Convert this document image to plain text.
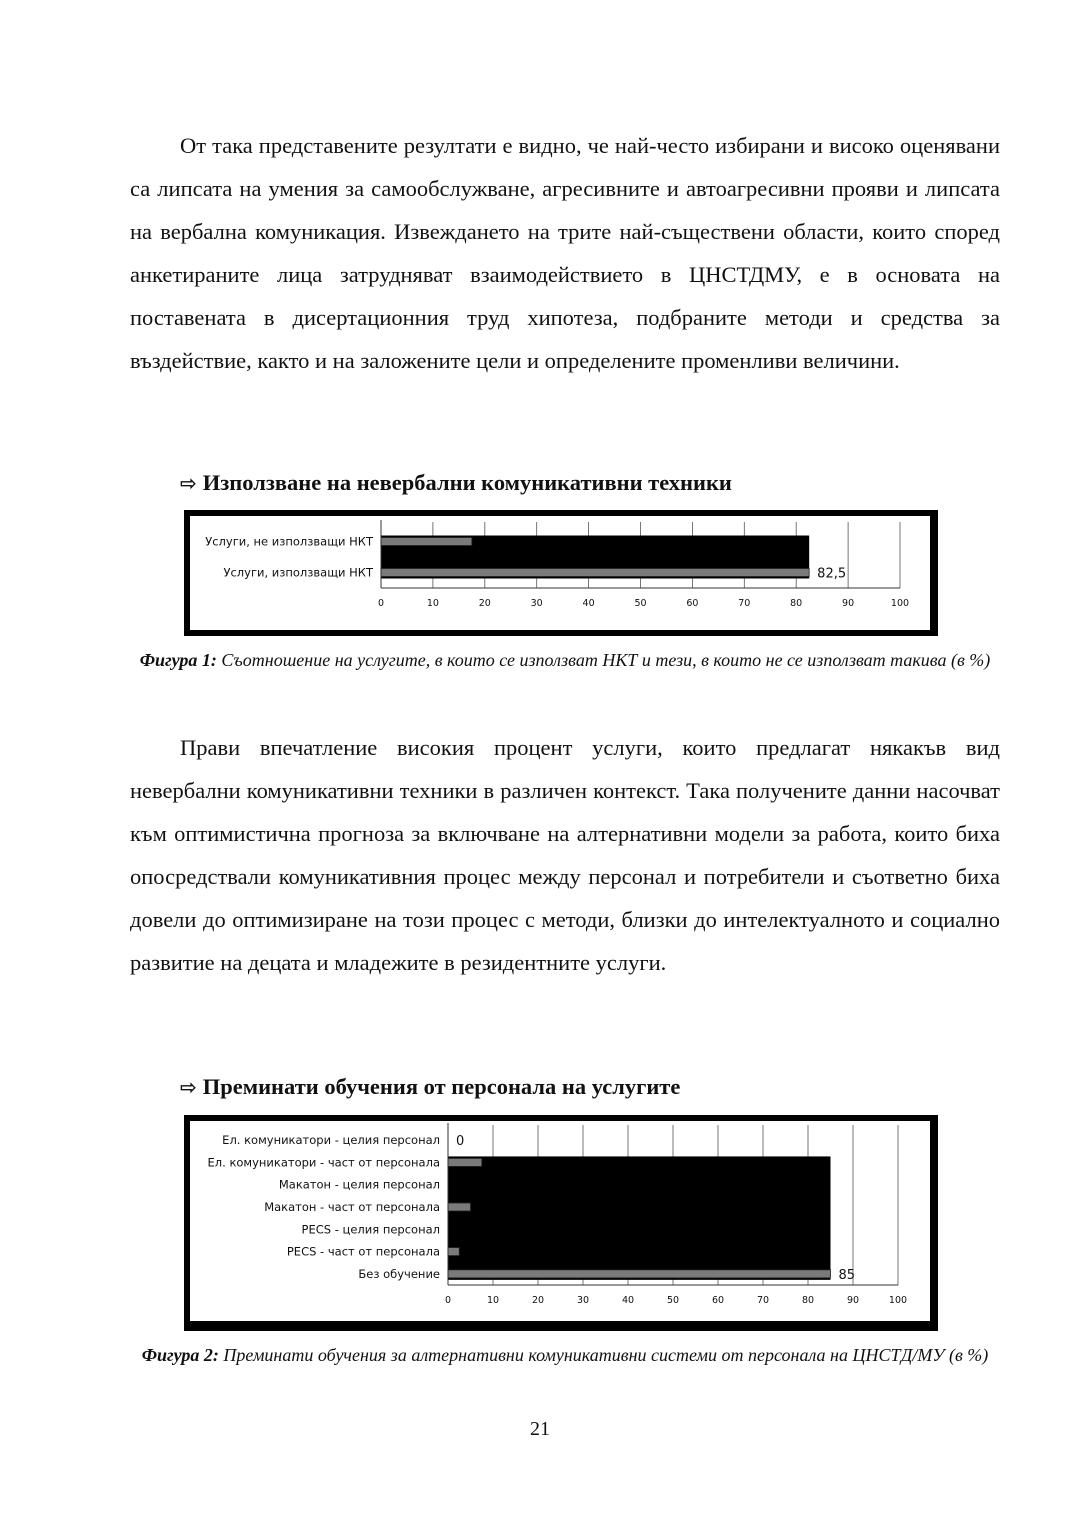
От така представените резултати е видно, че най-често избирани и високо оценявани са липсата на умения за самообслужване, агресивните и автоагресивни прояви и липсата на вербална комуникация. Извеждането на трите най-съществени области, които според анкетираните лица затрудняват взаимодействието в ЦНСТДМУ, е в основата на поставената в дисертационния труд хипотеза, подбраните методи и средства за въздействие, както и на заложените цели и определените променливи величини.

⇨ Използване на невербални комуникативни техники
Услуги, не използващи НКТ
Услуги, използващи НКТ	82,5
0	10	20	30	40	50	60	70	80	90	100

Фигура 1: Съотношение на услугите, в които се използват НКТ и тези, в които не се използват такива (в %)

Прави впечатление високия процент услуги, които предлагат някакъв вид невербални комуникативни техники в различен контекст. Така получените данни насочват към оптимистична прогноза за включване на алтернативни модели за работа, които биха опосредствали комуникативния процес между персонал и потребители и съответно биха довели до оптимизиране на този процес с методи, близки до интелектуалното и социално развитие на децата и младежите в резидентните услуги.

⇨ Преминати обучения от персонала на услугите
Ел. комуникатори - целия персонал
Ел. комуникатори - част от персонала
Макатон - целия персонал
Макатон - част от персонала
PECS - целия персонал
PECS - част от персонала
Без обучение
0
85
0	10	20	30	40	50	60	70	80	90	100

Фигура 2: Преминати обучения за алтернативни комуникативни системи от персонала на ЦНСТД/МУ (в %)

21
